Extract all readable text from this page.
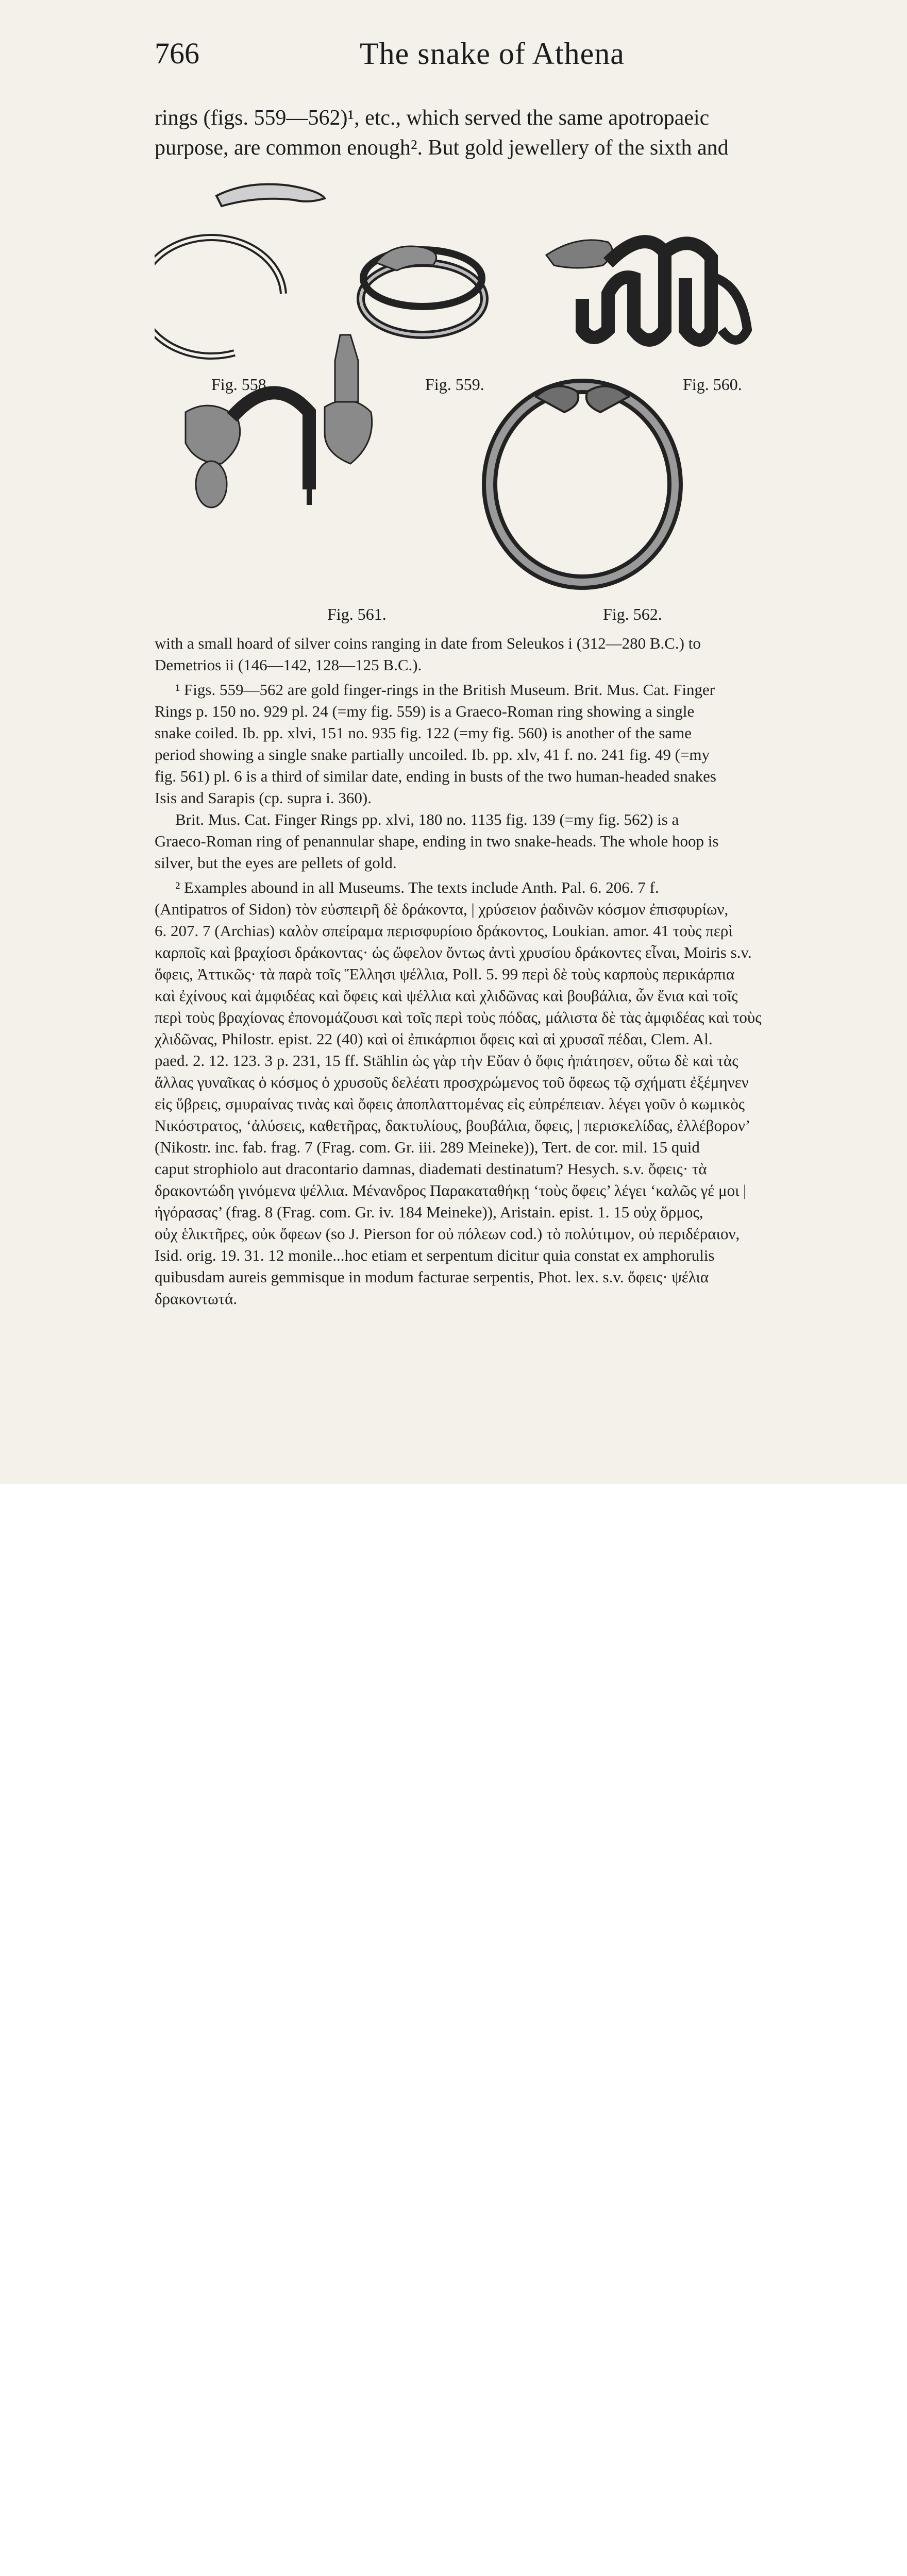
766	The snake of Athena
rings (figs. 559—562)¹, etc., which served the same apotropaeic
purpose, are common enough². But gold jewellery of the sixth and
Fig. 558.	Fig. 559.	Fig. 560.
Fig. 561.	Fig. 562.

with a small hoard of silver coins ranging in date from Seleukos i (312—280 B.C.) to

Demetrios ii (146—142, 128—125 B.C.).

¹ Figs. 559—562 are gold finger-rings in the British Museum. Brit. Mus. Cat. Finger

Rings p. 150 no. 929 pl. 24 (=my fig. 559) is a Graeco-Roman ring showing a single

snake coiled. Ib. pp. xlvi, 151 no. 935 fig. 122 (=my fig. 560) is another of the same

period showing a single snake partially uncoiled. Ib. pp. xlv, 41 f. no. 241 fig. 49 (=my

fig. 561) pl. 6 is a third of similar date, ending in busts of the two human-headed snakes

Isis and Sarapis (cp. supra i. 360).

Brit. Mus. Cat. Finger Rings pp. xlvi, 180 no. 1135 fig. 139 (=my fig. 562) is a

Graeco-Roman ring of penannular shape, ending in two snake-heads. The whole hoop is

silver, but the eyes are pellets of gold.

² Examples abound in all Museums. The texts include Anth. Pal. 6. 206. 7 f.

(Antipatros of Sidon) τὸν εὐσπειρῆ δὲ δράκοντα, | χρύσειον ῥαδινῶν κόσμον ἐπισφυρίων,

6. 207. 7 (Archias) καλὸν σπείραμα περισφυρίοιο δράκοντος, Loukian. amor. 41 τοὺς περὶ

καρποῖς καὶ βραχίοσι δράκοντας· ὡς ὤφελον ὄντως ἀντὶ χρυσίου δράκοντες εἶναι, Moiris s.v.

ὄφεις, Ἀττικῶς· τὰ παρὰ τοῖς Ἕλλησι ψέλλια, Poll. 5. 99 περὶ δὲ τοὺς καρποὺς περικάρπια

καὶ ἐχίνους καὶ ἀμφιδέας καὶ ὄφεις καὶ ψέλλια καὶ χλιδῶνας καὶ βουβάλια, ὧν ἔνια καὶ τοῖς

περὶ τοὺς βραχίονας ἐπονομάζουσι καὶ τοῖς περὶ τοὺς πόδας, μάλιστα δὲ τὰς ἀμφιδέας καὶ τοὺς

χλιδῶνας, Philostr. epist. 22 (40) καὶ οἱ ἐπικάρπιοι ὄφεις καὶ αἱ χρυσαῖ πέδαι, Clem. Al.

paed. 2. 12. 123. 3 p. 231, 15 ff. Stählin ὡς γὰρ τὴν Εὔαν ὁ ὄφις ἠπάτησεν, οὕτω δὲ καὶ τὰς

ἄλλας γυναῖκας ὁ κόσμος ὁ χρυσοῦς δελέατι προσχρώμενος τοῦ ὄφεως τῷ σχήματι ἐξέμηνεν

εἰς ὕβρεις, σμυραίνας τινὰς καὶ ὄφεις ἀποπλαττομένας εἰς εὐπρέπειαν. λέγει γοῦν ὁ κωμικὸς

Νικόστρατος, ‘ἀλύσεις, καθετῆρας, δακτυλίους, βουβάλια, ὄφεις, | περισκελίδας, ἐλλέβορον’

(Nikostr. inc. fab. frag. 7 (Frag. com. Gr. iii. 289 Meineke)), Tert. de cor. mil. 15 quid

caput strophiolo aut dracontario damnas, diademati destinatum? Hesych. s.v. ὄφεις· τὰ

δρακοντώδη γινόμενα ψέλλια. Μένανδρος Παρακαταθήκῃ ‘τοὺς ὄφεις’ λέγει ‘καλῶς γέ μοι |

ἠγόρασας’ (frag. 8 (Frag. com. Gr. iv. 184 Meineke)), Aristain. epist. 1. 15 οὐχ ὅρμος,

οὐχ ἑλικτῆρες, οὐκ ὄφεων (so J. Pierson for οὐ πόλεων cod.) τὸ πολύτιμον, οὐ περιδέραιον,

Isid. orig. 19. 31. 12 monile...hoc etiam et serpentum dicitur quia constat ex amphorulis

quibusdam aureis gemmisque in modum facturae serpentis, Phot. lex. s.v. ὄφεις· ψέλια

δρακοντωτά.
